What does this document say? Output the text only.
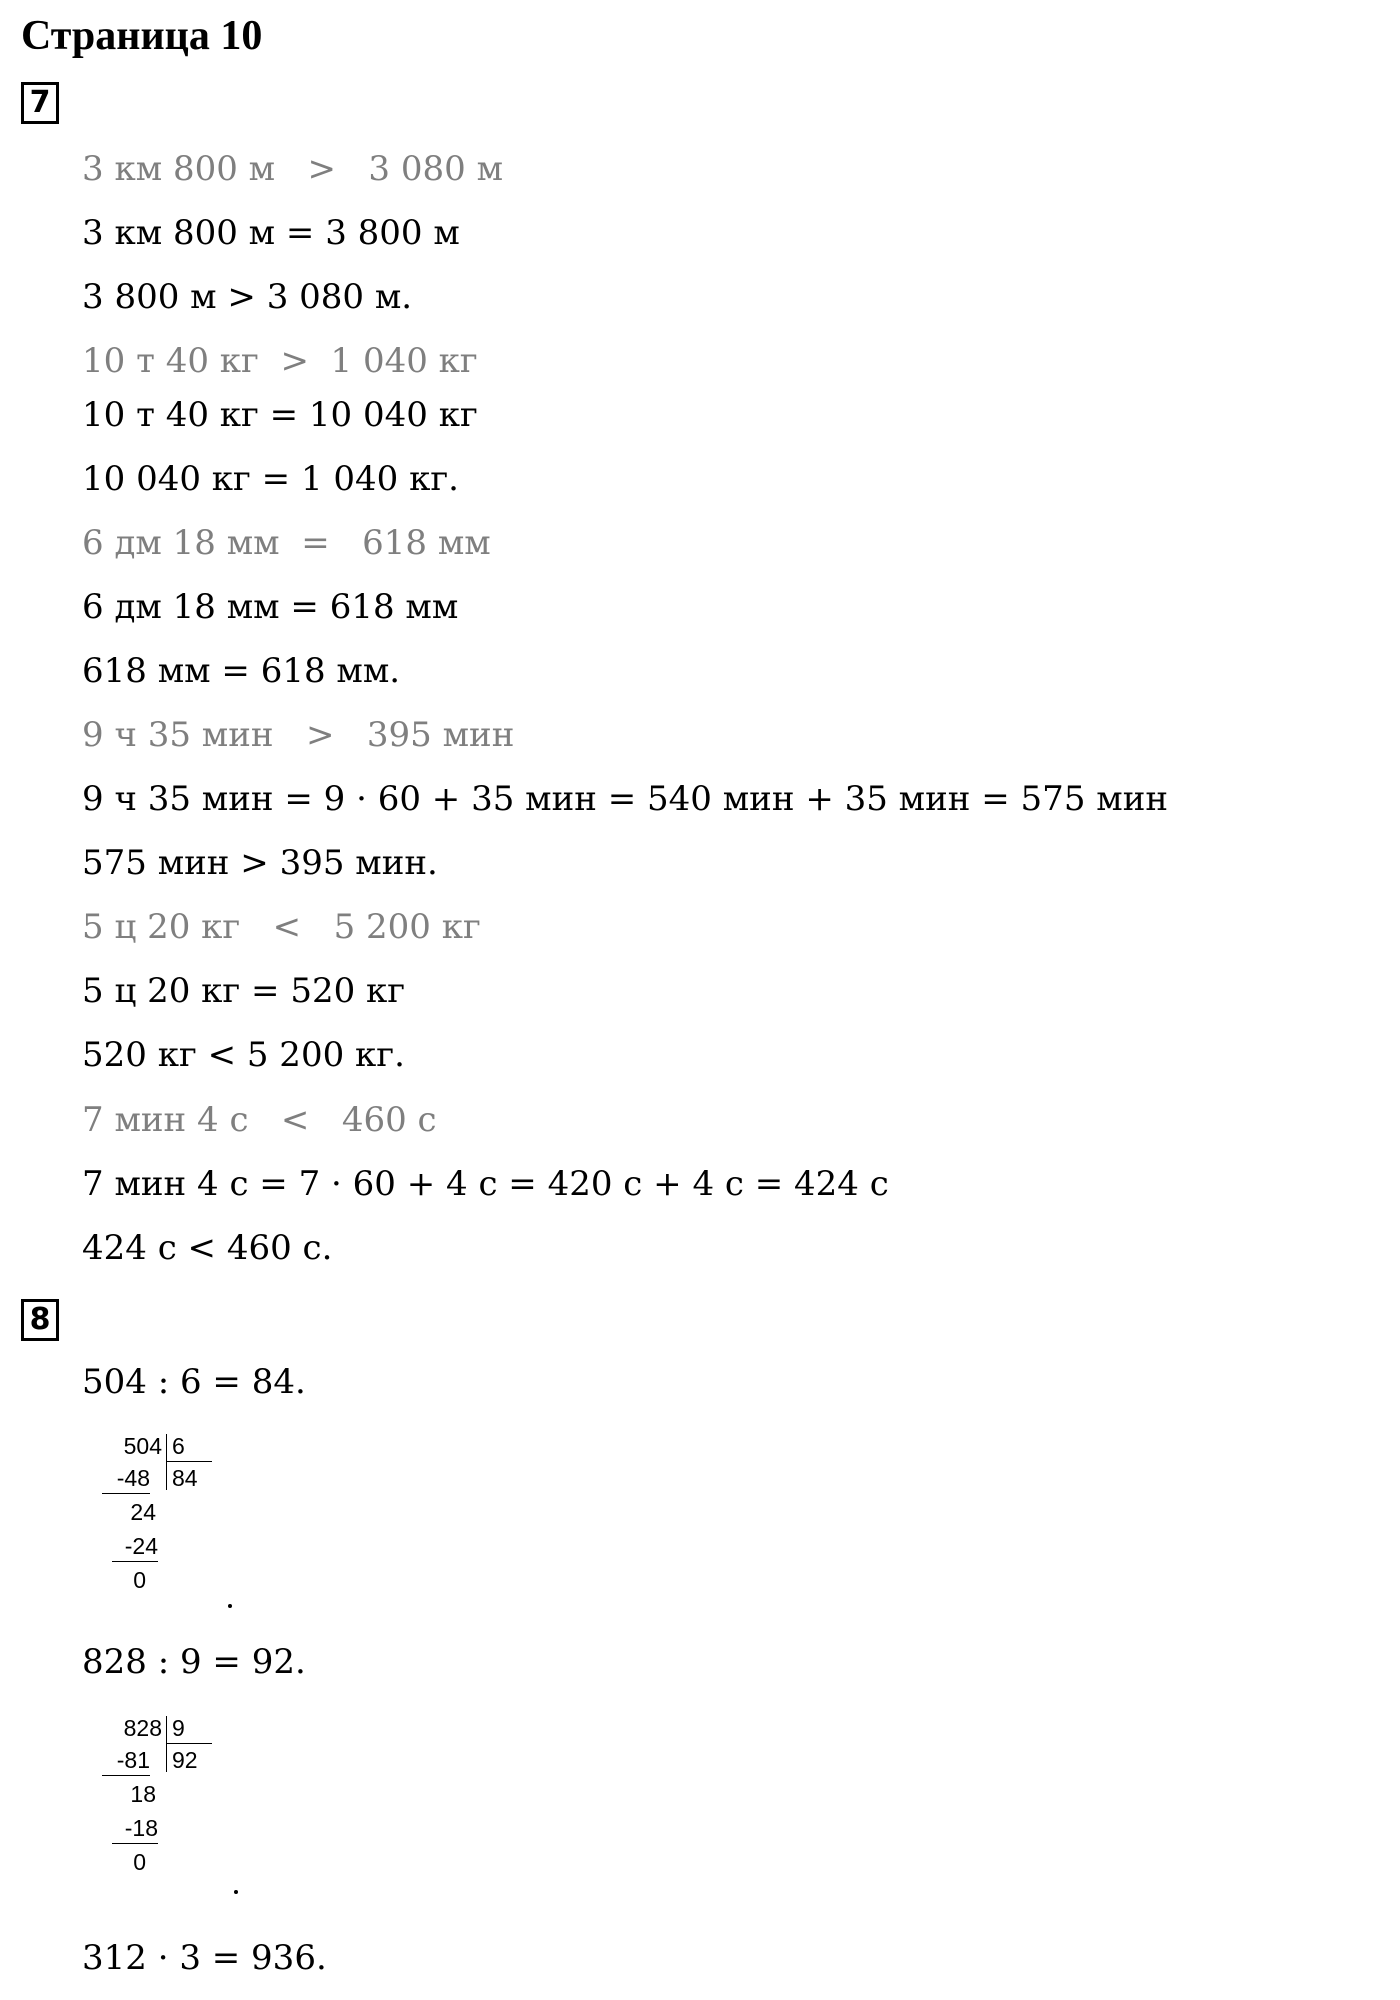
Страница 10
7
3 км 800 м   >   3 080 м
3 км 800 м = 3 800 м
3 800 м > 3 080 м.
10 т 40 кг  >  1 040 кг
10 т 40 кг = 10 040 кг
10 040 кг = 1 040 кг.
6 дм 18 мм  =   618 мм
6 дм 18 мм = 618 мм
618 мм = 618 мм.
9 ч 35 мин   >   395 мин
9 ч 35 мин = 9 · 60 + 35 мин = 540 мин + 35 мин = 575 мин
575 мин > 395 мин.
5 ц 20 кг   <   5 200 кг
5 ц 20 кг = 520 кг
520 кг < 5 200 кг.
7 мин 4 с   <   460 с
7 мин 4 с = 7 · 60 + 4 с = 420 с + 4 с = 424 с
424 с < 460 с.
8
504 : 6 = 84.
504 6
84
-48
24
-24
0
828 : 9 = 92.
828 9
92
-81
18
-18
0
312 · 3 = 936.
